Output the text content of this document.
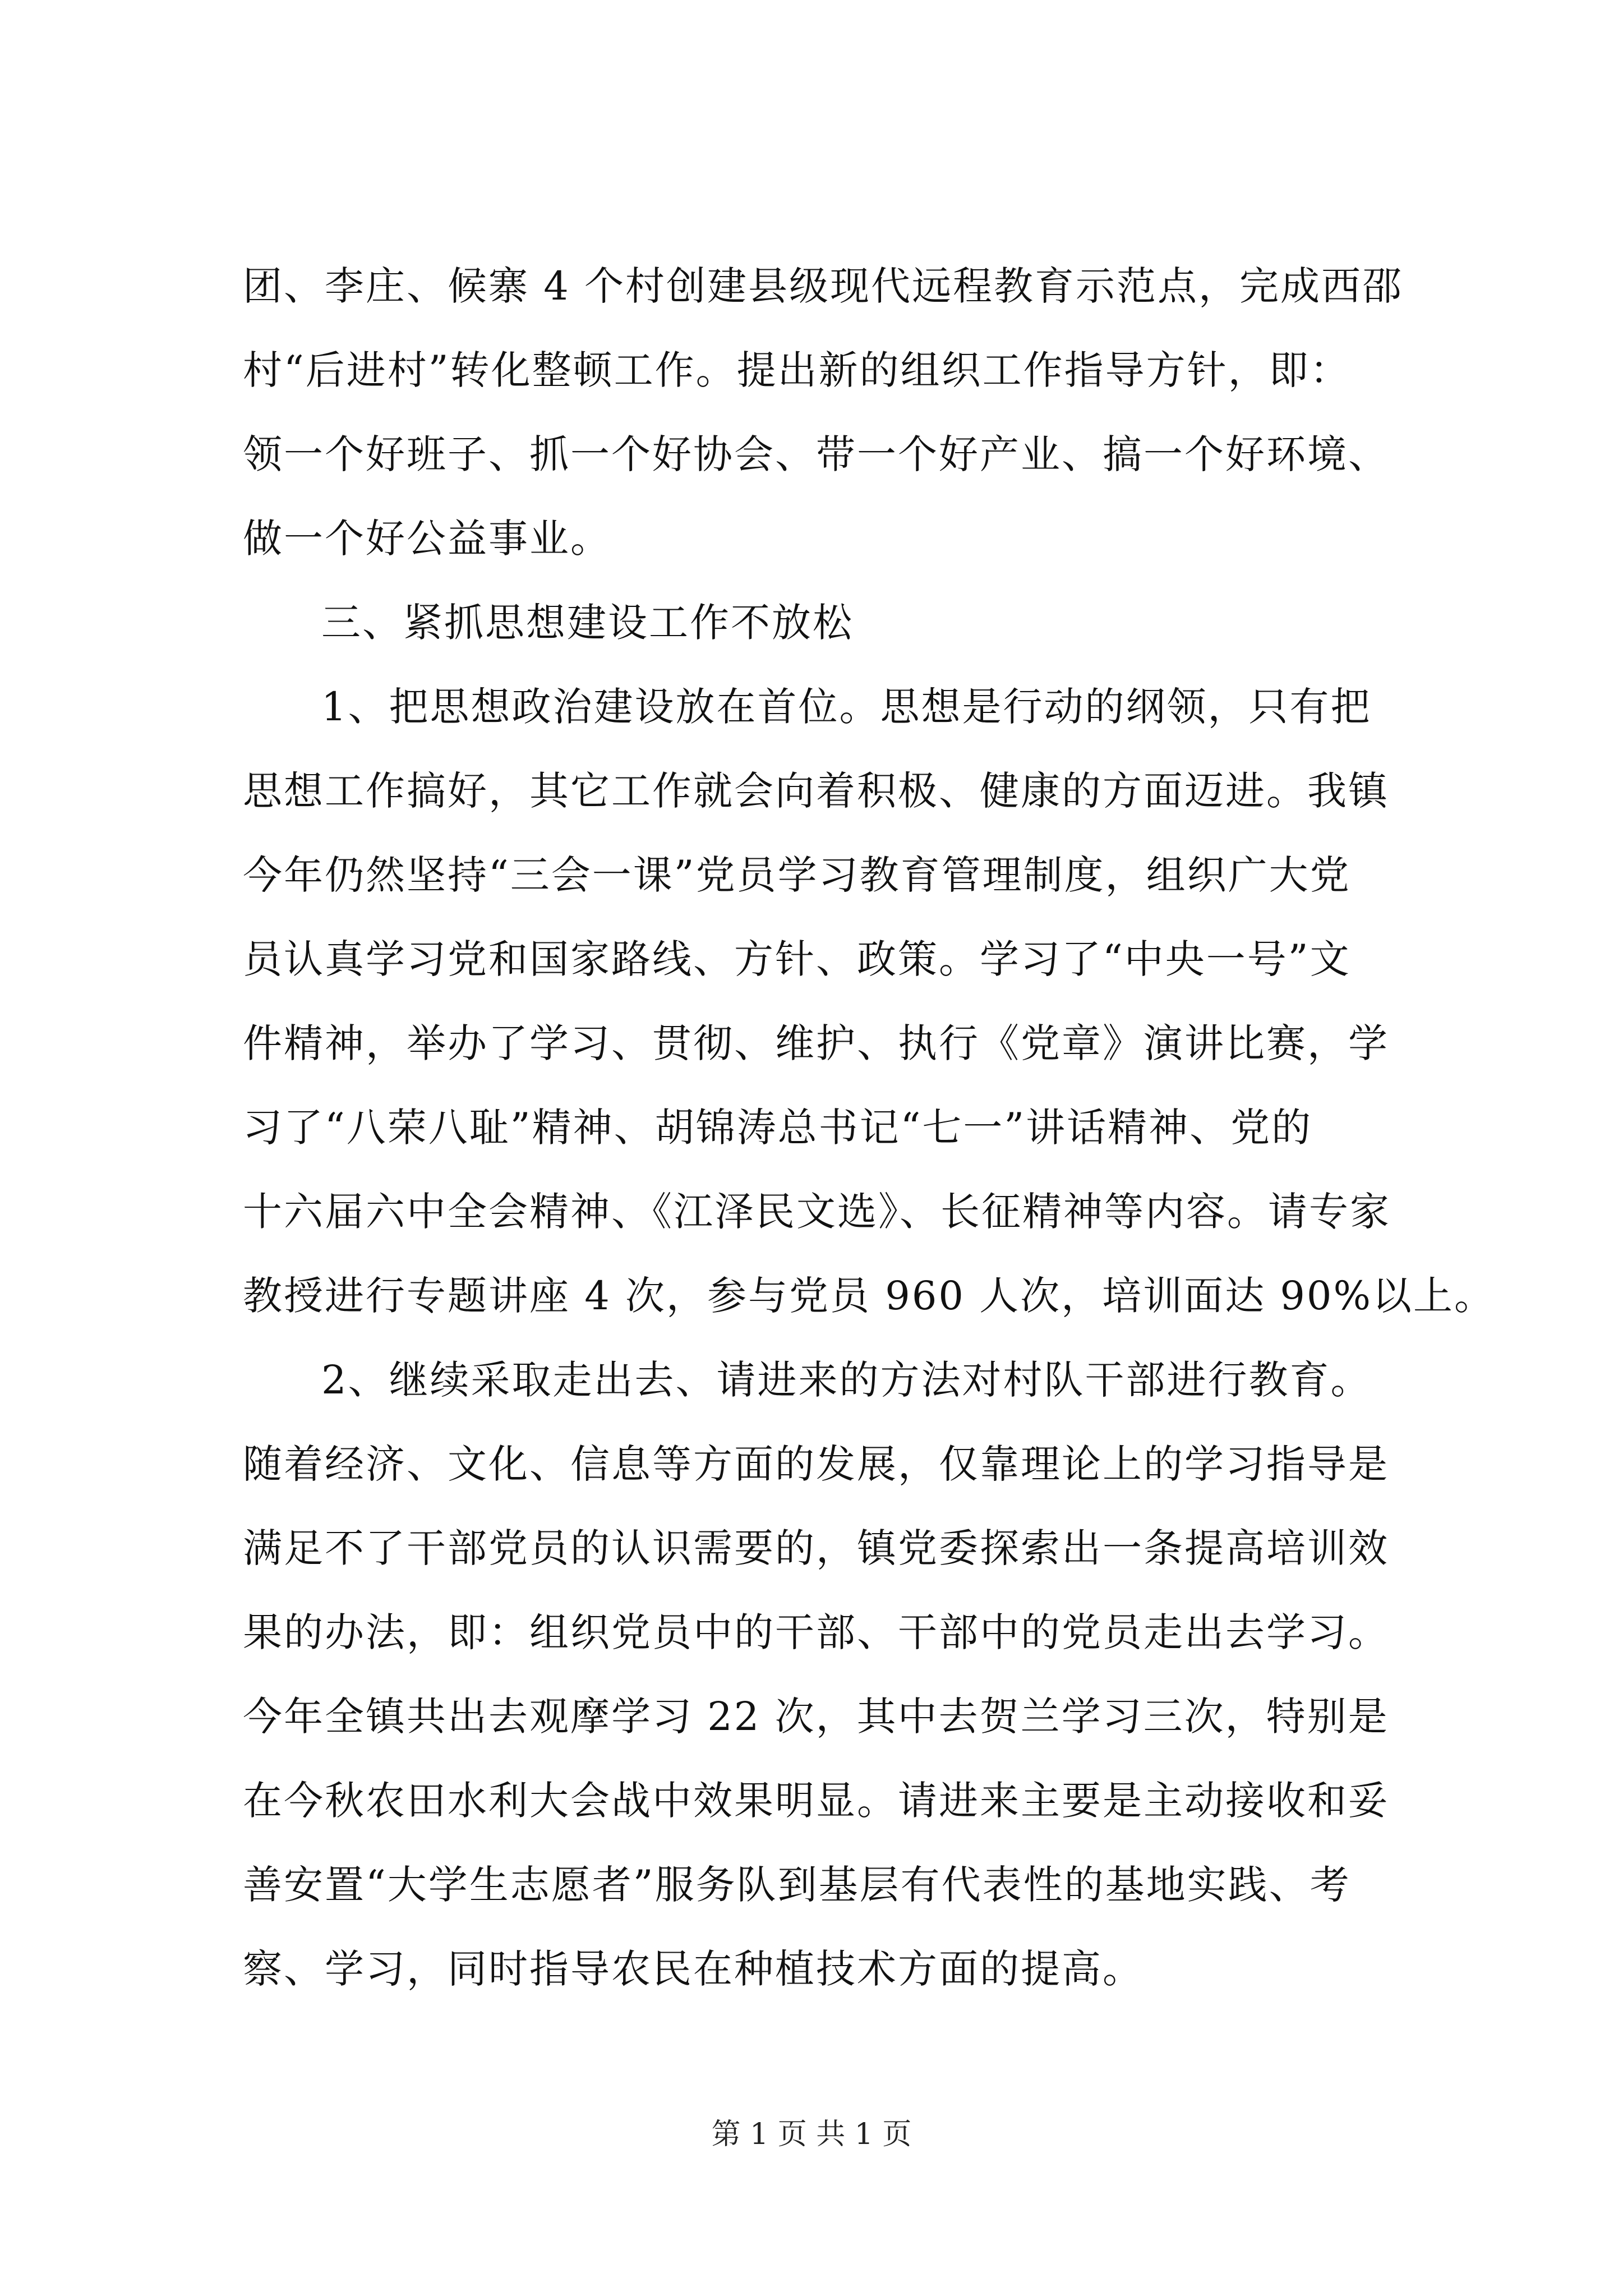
团、李庄、候寨 4 个村创建县级现代远程教育示范点，完成西邵
村“后进村”转化整顿工作。提出新的组织工作指导方针，即：
领一个好班子、抓一个好协会、带一个好产业、搞一个好环境、
做一个好公益事业。
三、紧抓思想建设工作不放松
1、把思想政治建设放在首位。思想是行动的纲领，只有把
思想工作搞好，其它工作就会向着积极、健康的方面迈进。我镇
今年仍然坚持“三会一课”党员学习教育管理制度，组织广大党
员认真学习党和国家路线、方针、政策。学习了“中央一号”文
件精神，举办了学习、贯彻、维护、执行《党章》演讲比赛，学
习了“八荣八耻”精神、胡锦涛总书记“七一”讲话精神、党的
十六届六中全会精神、《江泽民文选》、长征精神等内容。请专家
教授进行专题讲座 4 次，参与党员 960 人次，培训面达 90%以上。
2、继续采取走出去、请进来的方法对村队干部进行教育。
随着经济、文化、信息等方面的发展，仅靠理论上的学习指导是
满足不了干部党员的认识需要的，镇党委探索出一条提高培训效
果的办法，即：组织党员中的干部、干部中的党员走出去学习。
今年全镇共出去观摩学习 22 次，其中去贺兰学习三次，特别是
在今秋农田水利大会战中效果明显。请进来主要是主动接收和妥
善安置“大学生志愿者”服务队到基层有代表性的基地实践、考
察、学习，同时指导农民在种植技术方面的提高。
第 1 页 共 1 页
